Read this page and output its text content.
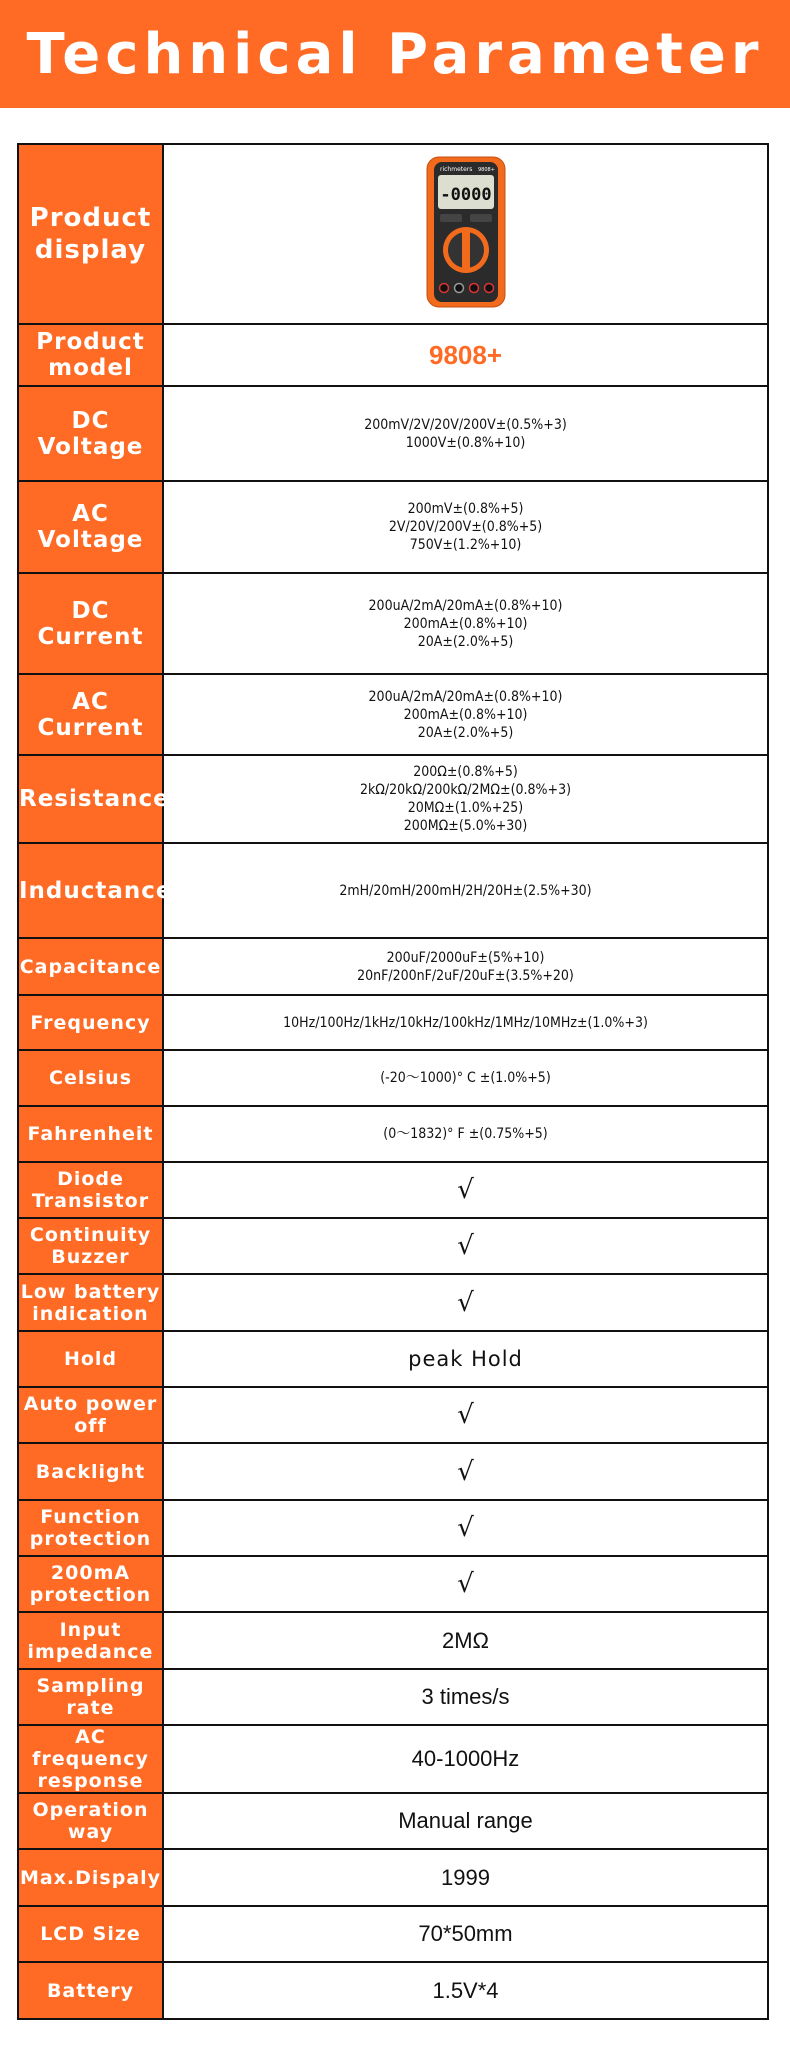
Technical Parameter
Product display	richmeters 9808+
-0000

Product model	9808+

DC Voltage	200mV/2V/20V/200V±(0.5%+3)
1000V±(0.8%+10)

AC Voltage	200mV±(0.8%+5)
2V/20V/200V±(0.8%+5)
750V±(1.2%+10)

DC Current	200uA/2mA/20mA±(0.8%+10)
200mA±(0.8%+10)
20A±(2.0%+5)

AC Current	200uA/2mA/20mA±(0.8%+10)
200mA±(0.8%+10)
20A±(2.0%+5)

Resistance	200Ω±(0.8%+5)
2kΩ/20kΩ/200kΩ/2MΩ±(0.8%+3)
20MΩ±(1.0%+25)
200MΩ±(5.0%+30)

Inductance	2mH/20mH/200mH/2H/20H±(2.5%+30)

Capacitance	200uF/2000uF±(5%+10)
20nF/200nF/2uF/20uF±(3.5%+20)

Frequency	10Hz/100Hz/1kHz/10kHz/100kHz/1MHz/10MHz±(1.0%+3)

Celsius	(-20～1000)° C ±(1.0%+5)

Fahrenheit	(0～1832)° F ±(0.75%+5)

Diode Transistor	√

Continuity Buzzer	√

Low battery indication	√

Hold	peak Hold

Auto power off	√

Backlight	√

Function protection	√

200mA protection	√

Input impedance	2MΩ

Sampling rate	3 times/s

AC frequency response	40-1000Hz

Operation way	Manual range

Max.Dispaly	1999

LCD Size	70*50mm

Battery	1.5V*4
